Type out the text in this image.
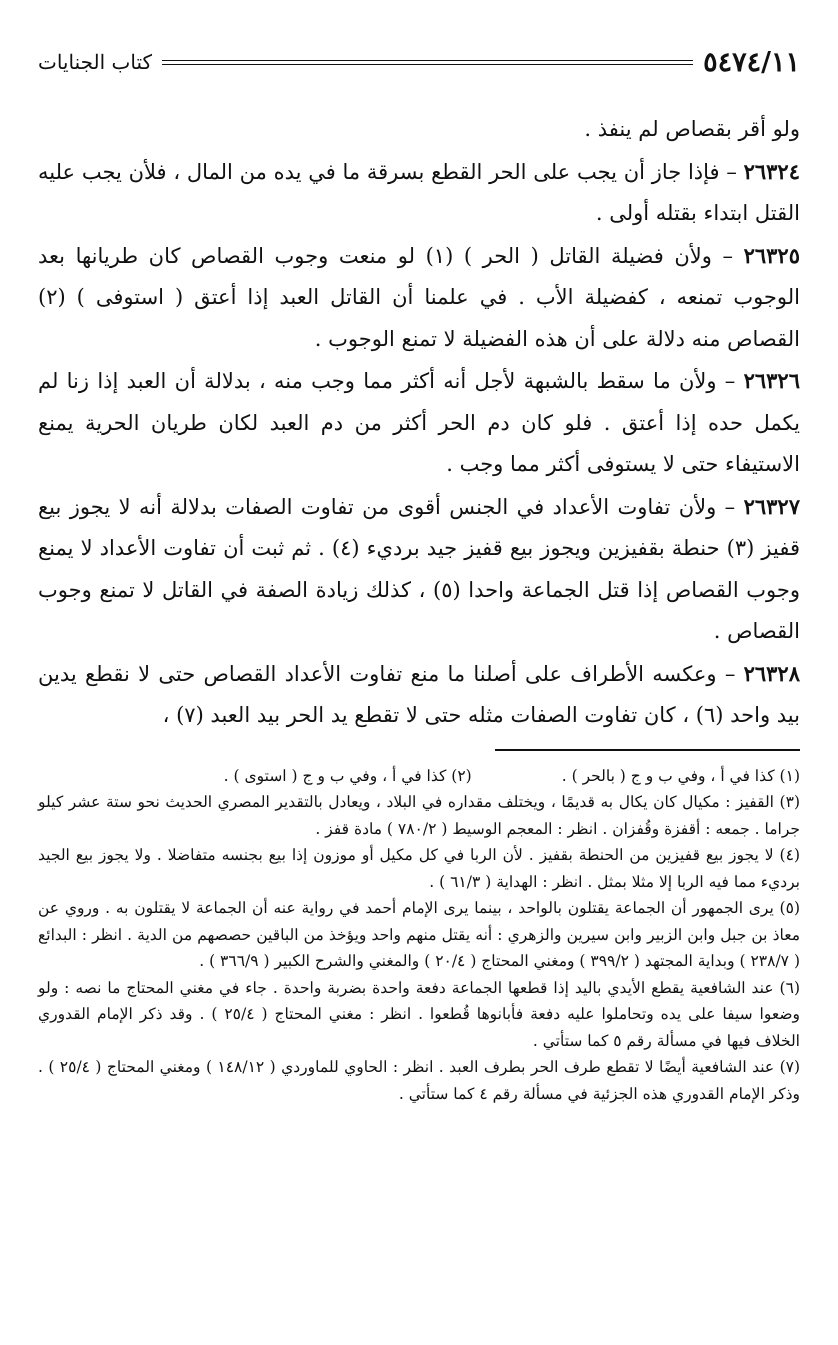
٥٤٧٤/١١
كتاب الجنايات

ولو أقر بقصاص لم ينفذ .

٢٦٣٢٤ – فإذا جاز أن يجب على الحر القطع بسرقة ما في يده من المال ، فلأن يجب عليه القتل ابتداء بقتله أولى .

٢٦٣٢٥ – ولأن فضيلة القاتل ( الحر ) (١) لو منعت وجوب القصاص كان طريانها بعد الوجوب تمنعه ، كفضيلة الأب . في علمنا أن القاتل العبد إذا أعتق ( استوفى ) (٢) القصاص منه دلالة على أن هذه الفضيلة لا تمنع الوجوب .

٢٦٣٢٦ – ولأن ما سقط بالشبهة لأجل أنه أكثر مما وجب منه ، بدلالة أن العبد إذا زنا لم يكمل حده إذا أعتق . فلو كان دم الحر أكثر من دم العبد لكان طريان الحرية يمنع الاستيفاء حتى لا يستوفى أكثر مما وجب .

٢٦٣٢٧ – ولأن تفاوت الأعداد في الجنس أقوى من تفاوت الصفات بدلالة أنه لا يجوز بيع قفيز (٣) حنطة بقفيزين ويجوز بيع قفيز جيد برديء (٤) . ثم ثبت أن تفاوت الأعداد لا يمنع وجوب القصاص إذا قتل الجماعة واحدا (٥) ، كذلك زيادة الصفة في القاتل لا تمنع وجوب القصاص .

٢٦٣٢٨ – وعكسه الأطراف على أصلنا ما منع تفاوت الأعداد القصاص حتى لا نقطع يدين بيد واحد (٦) ، كان تفاوت الصفات مثله حتى لا تقطع يد الحر بيد العبد (٧) ،

(١) كذا في أ ، وفي ب و ج ( بالحر ) .
(٢) كذا في أ ، وفي ب و ج ( استوى ) .

(٣) القفيز : مكيال كان يكال به قديمًا ، ويختلف مقداره في البلاد ، ويعادل بالتقدير المصري الحديث نحو ستة عشر كيلو جراما . جمعه : أقفزة وقُفزان . انظر : المعجم الوسيط ( ٧٨٠/٢ ) مادة قفز .

(٤) لا يجوز بيع قفيزين من الحنطة بقفيز . لأن الربا في كل مكيل أو موزون إذا بيع بجنسه متفاضلا . ولا يجوز بيع الجيد برديء مما فيه الربا إلا مثلا بمثل . انظر : الهداية ( ٦١/٣ ) .

(٥) يرى الجمهور أن الجماعة يقتلون بالواحد ، بينما يرى الإمام أحمد في رواية عنه أن الجماعة لا يقتلون به . وروي عن معاذ بن جبل وابن الزبير وابن سيرين والزهري : أنه يقتل منهم واحد ويؤخذ من الباقين حصصهم من الدية . انظر : البدائع ( ٢٣٨/٧ ) وبداية المجتهد ( ٣٩٩/٢ ) ومغني المحتاج ( ٢٠/٤ ) والمغني والشرح الكبير ( ٣٦٦/٩ ) .

(٦) عند الشافعية يقطع الأيدي باليد إذا قطعها الجماعة دفعة واحدة بضربة واحدة . جاء في مغني المحتاج ما نصه : ولو وضعوا سيفا على يده وتحاملوا عليه دفعة فأبانوها قُطعوا . انظر : مغني المحتاج ( ٢٥/٤ ) . وقد ذكر الإمام القدوري الخلاف فيها في مسألة رقم ٥ كما ستأتي .

(٧) عند الشافعية أيضًا لا تقطع طرف الحر بطرف العبد . انظر : الحاوي للماوردي ( ١٤٨/١٢ ) ومغني المحتاج ( ٢٥/٤ ) . وذكر الإمام القدوري هذه الجزئية في مسألة رقم ٤ كما ستأتي .
